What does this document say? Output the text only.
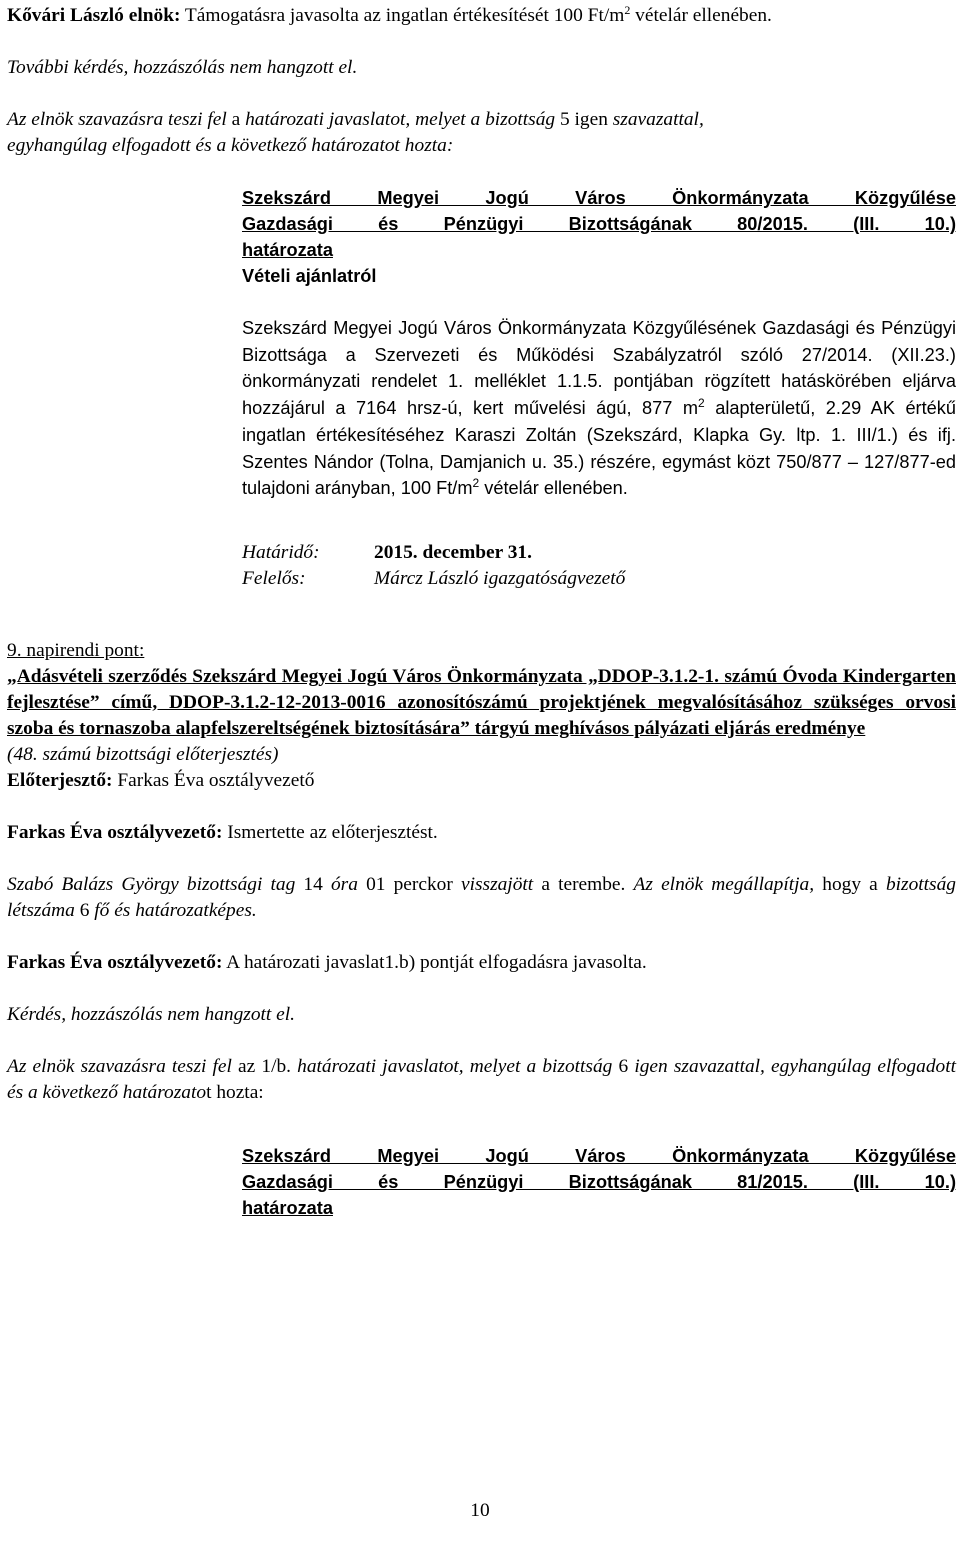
Kővári László elnök: Támogatásra javasolta az ingatlan értékesítését 100 $Ft/m^2$ vételár ellenében.

További kérdés, hozzászólás nem hangzott el.

Az elnök szavazásra teszi fel a határozati javaslatot, melyet a bizottság 5 igen szavazattal,
egyhangúlag elfogadott és a következő határozatot hozta:

Szekszárd Megyei Jogú Város Önkormányzata Közgyűlése

Gazdasági és Pénzügyi Bizottságának 80/2015. (III. 10.)

határozata

Vételi ajánlatról

Szekszárd Megyei Jogú Város Önkormányzata Közgyűlésének Gazdasági és Pénzügyi Bizottsága a Szervezeti és Működési Szabályzatról szóló 27/2014. (XII.23.) önkormányzati rendelet 1. melléklet 1.1.5. pontjában rögzített hatáskörében eljárva hozzájárul a 7164 hrsz-ú, kert művelési ágú, 877 $m^2$ alapterületű, 2.29 AK értékű ingatlan értékesítéséhez Karaszi Zoltán (Szekszárd, Klapka Gy. ltp. 1. III/1.) és ifj. Szentes Nándor (Tolna, Damjanich u. 35.) részére, egymást közt 750/877 – 127/877-ed tulajdoni arányban, 100 $Ft/m^2$ vételár ellenében.

Határidő:	2015. december 31.

Felelős:	Márcz László igazgatóságvezető

9. napirendi pont:

„Adásvételi szerződés Szekszárd Megyei Jogú Város Önkormányzata „DDOP-3.1.2-1. számú Óvoda Kindergarten fejlesztése” című, DDOP-3.1.2-12-2013-0016 azonosítószámú projektjének megvalósításához szükséges orvosi szoba és tornaszoba alapfelszereltségének biztosítására” tárgyú meghívásos pályázati eljárás eredménye

(48. számú bizottsági előterjesztés)

Előterjesztő: Farkas Éva osztályvezető

Farkas Éva osztályvezető: Ismertette az előterjesztést.

Szabó Balázs György bizottsági tag 14 óra 01 perckor visszajött a terembe. Az elnök megállapítja, hogy a bizottság létszáma 6 fő és határozatképes.

Farkas Éva osztályvezető: A határozati javaslat1.b) pontját elfogadásra javasolta.

Kérdés, hozzászólás nem hangzott el.

Az elnök szavazásra teszi fel az 1/b. határozati javaslatot, melyet a bizottság 6 igen szavazattal, egyhangúlag elfogadott és a következő határozatot hozta:

Szekszárd Megyei Jogú Város Önkormányzata Közgyűlése

Gazdasági és Pénzügyi Bizottságának 81/2015. (III. 10.)

határozata

10
